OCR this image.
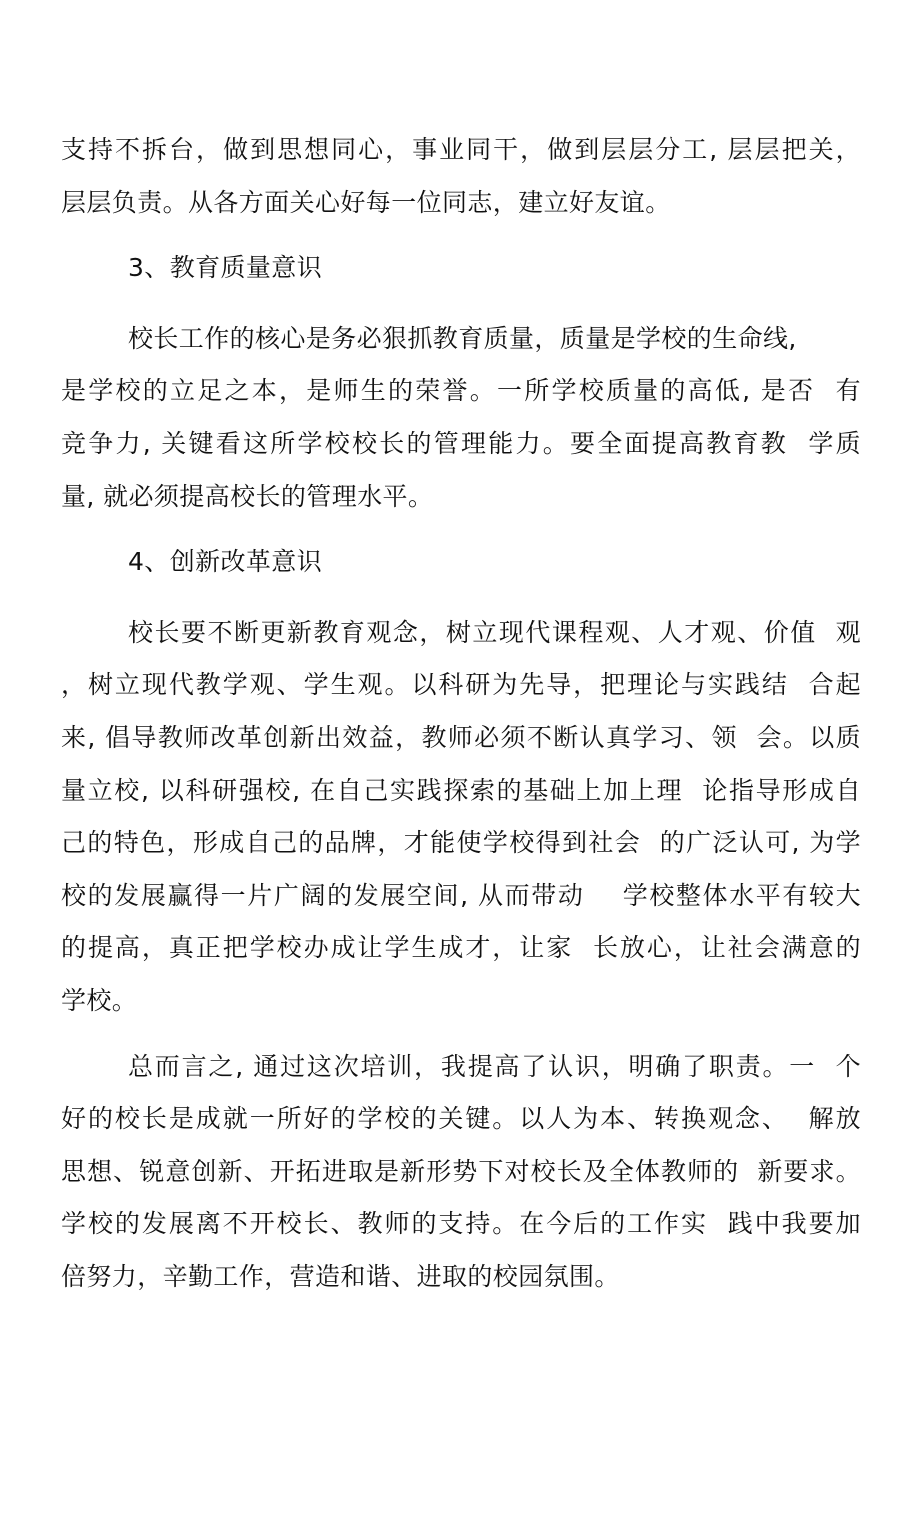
支持不拆台，做到思想同心，事业同干，做到层层分工, 层层把关，
层层负责。从各方面关心好每一位同志，建立好友谊。
3、教育质量意识
校长工作的核心是务必狠抓教育质量，质量是学校的生命线,
是学校的立足之本，是师生的荣誉。一所学校质量的高低, 是否  有
竞争力, 关键看这所学校校长的管理能力。要全面提高教育教  学质
量, 就必须提高校长的管理水平。
4、创新改革意识
校长要不断更新教育观念，树立现代课程观、人才观、价值  观
，树立现代教学观、学生观。以科研为先导，把理论与实践结  合起
来, 倡导教师改革创新出效益，教师必须不断认真学习、领  会。以质
量立校, 以科研强校, 在自己实践探索的基础上加上理  论指导形成自
己的特色，形成自己的品牌，才能使学校得到社会  的广泛认可, 为学
校的发展赢得一片广阔的发展空间, 从而带动    学校整体水平有较大
的提高，真正把学校办成让学生成才，让家  长放心，让社会满意的
学校。
总而言之, 通过这次培训，我提高了认识，明确了职责。一  个
好的校长是成就一所好的学校的关键。以人为本、转换观念、  解放
思想、锐意创新、开拓进取是新形势下对校长及全体教师的  新要求。
学校的发展离不开校长、教师的支持。在今后的工作实  践中我要加
倍努力，辛勤工作，营造和谐、进取的校园氛围。
